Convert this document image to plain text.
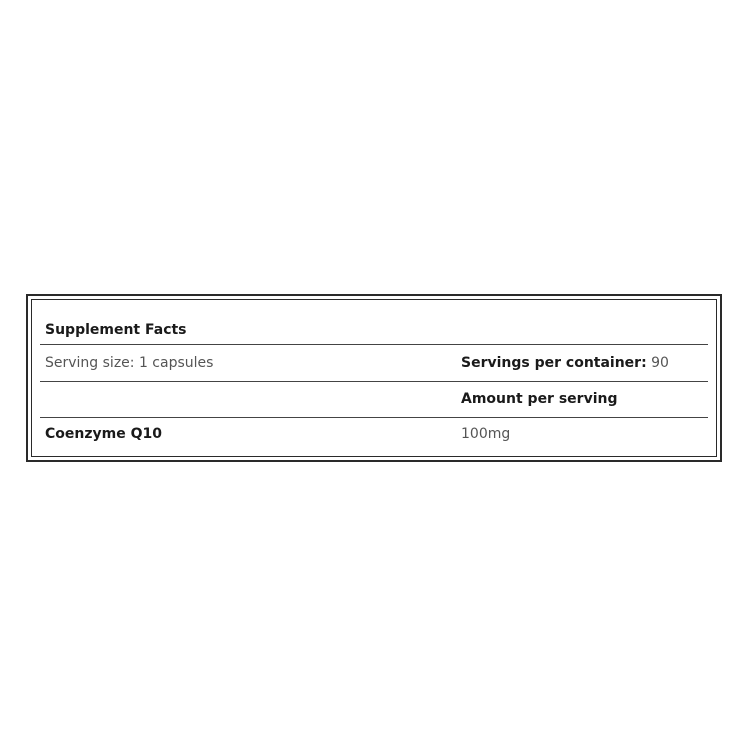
Supplement Facts
Serving size: 1 capsules	Servings per container: 90
Amount per serving
Coenzyme Q10	100mg
